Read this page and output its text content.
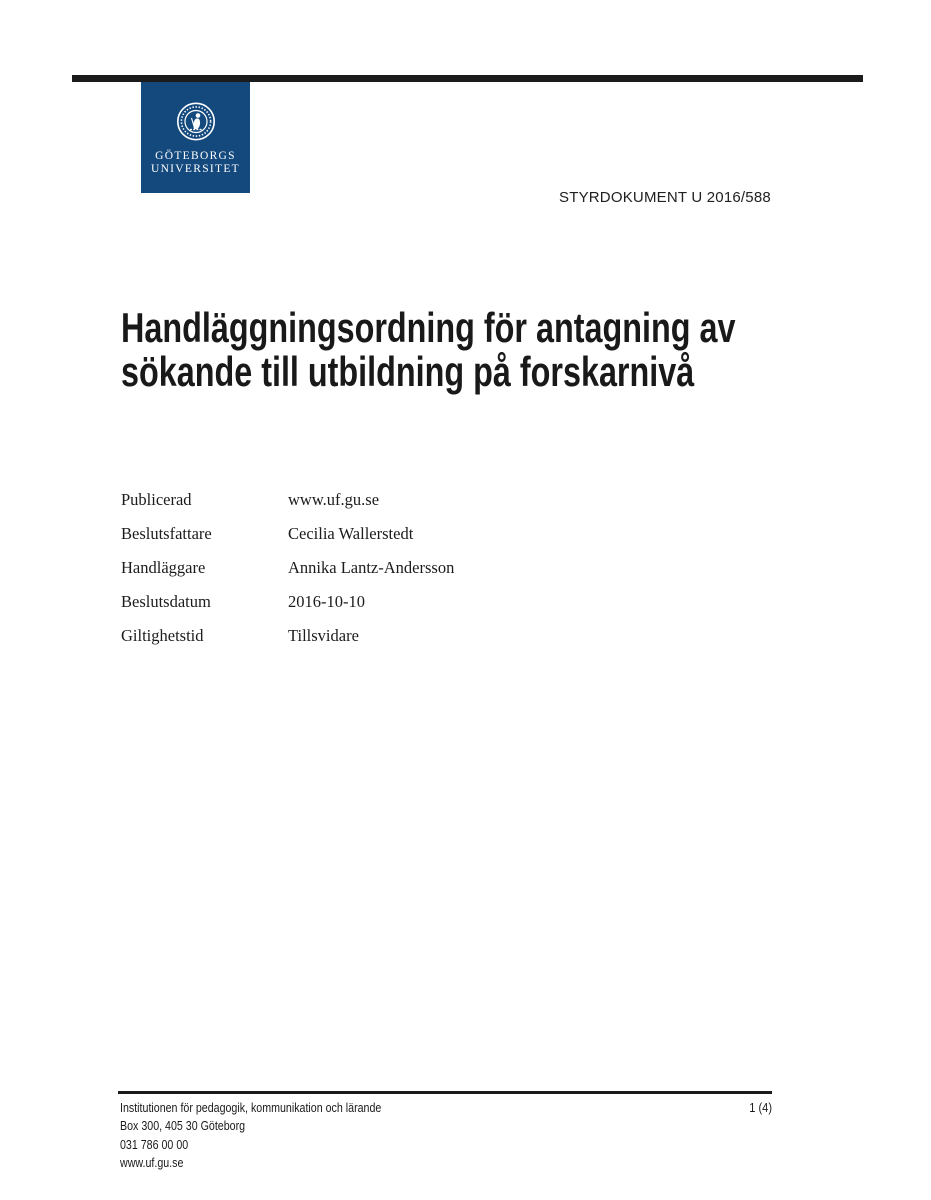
GÖTEBORGS
UNIVERSITET
STYRDOKUMENT U 2016/588
Handläggningsordning för antagning av
sökande till utbildning på forskarnivå
Publicerad	www.uf.gu.se
Beslutsfattare	Cecilia Wallerstedt
Handläggare	Annika Lantz-Andersson
Beslutsdatum	2016-10-10
Giltighetstid	Tillsvidare
Institutionen för pedagogik, kommunikation och lärande
Box 300, 405 30 Göteborg
031 786 00 00
www.uf.gu.se
1 (4)
